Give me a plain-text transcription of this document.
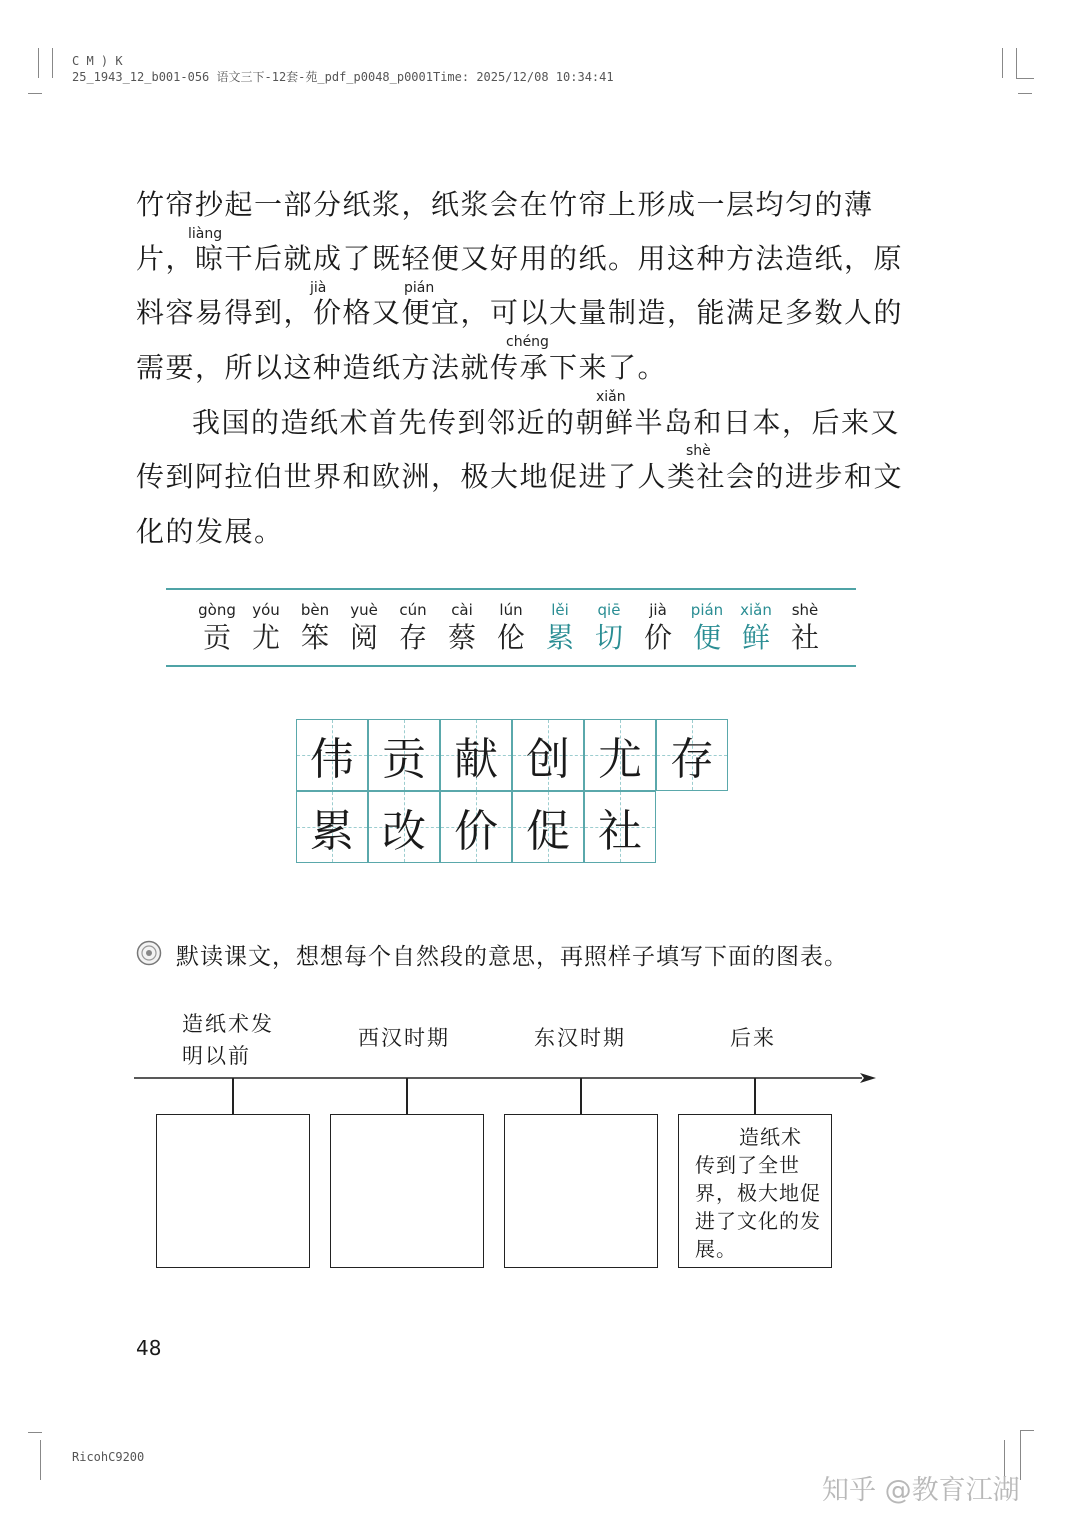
C M ) K
25_1943_12_b001-056 语文三下-12套-苑_pdf_p0048_p0001Time: 2025/12/08 10:34:41
竹帘抄起一部分纸浆，纸浆会在竹帘上形成一层均匀的薄
片，晾干后就成了既轻便又好用的纸。用这种方法造纸，原
料容易得到，价格又便宜，可以大量制造，能满足多数人的
需要，所以这种造纸方法就传承下来了。
我国的造纸术首先传到邻近的朝鲜半岛和日本，后来又
传到阿拉伯世界和欧洲，极大地促进了人类社会的进步和文
化的发展。
liàng
jià	pián
chéng
xiǎn
shè
gòng
贡
yóu
尤
bèn
笨
yuè
阅
cún
存
cài
蔡
lún
伦
lěi
累
qiē
切
jià
价
pián
便
xiǎn
鲜
shè
社
伟 贡 献 创 尤 存
累 改 价 促 社
默读课文，想想每个自然段的意思，再照样子填写下面的图表。
造纸术发明以前
西汉时期	东汉时期	后来
造纸术传到了全世界，极大地促进了文化的发展。
48
RicohC9200
知乎 @教育江湖
